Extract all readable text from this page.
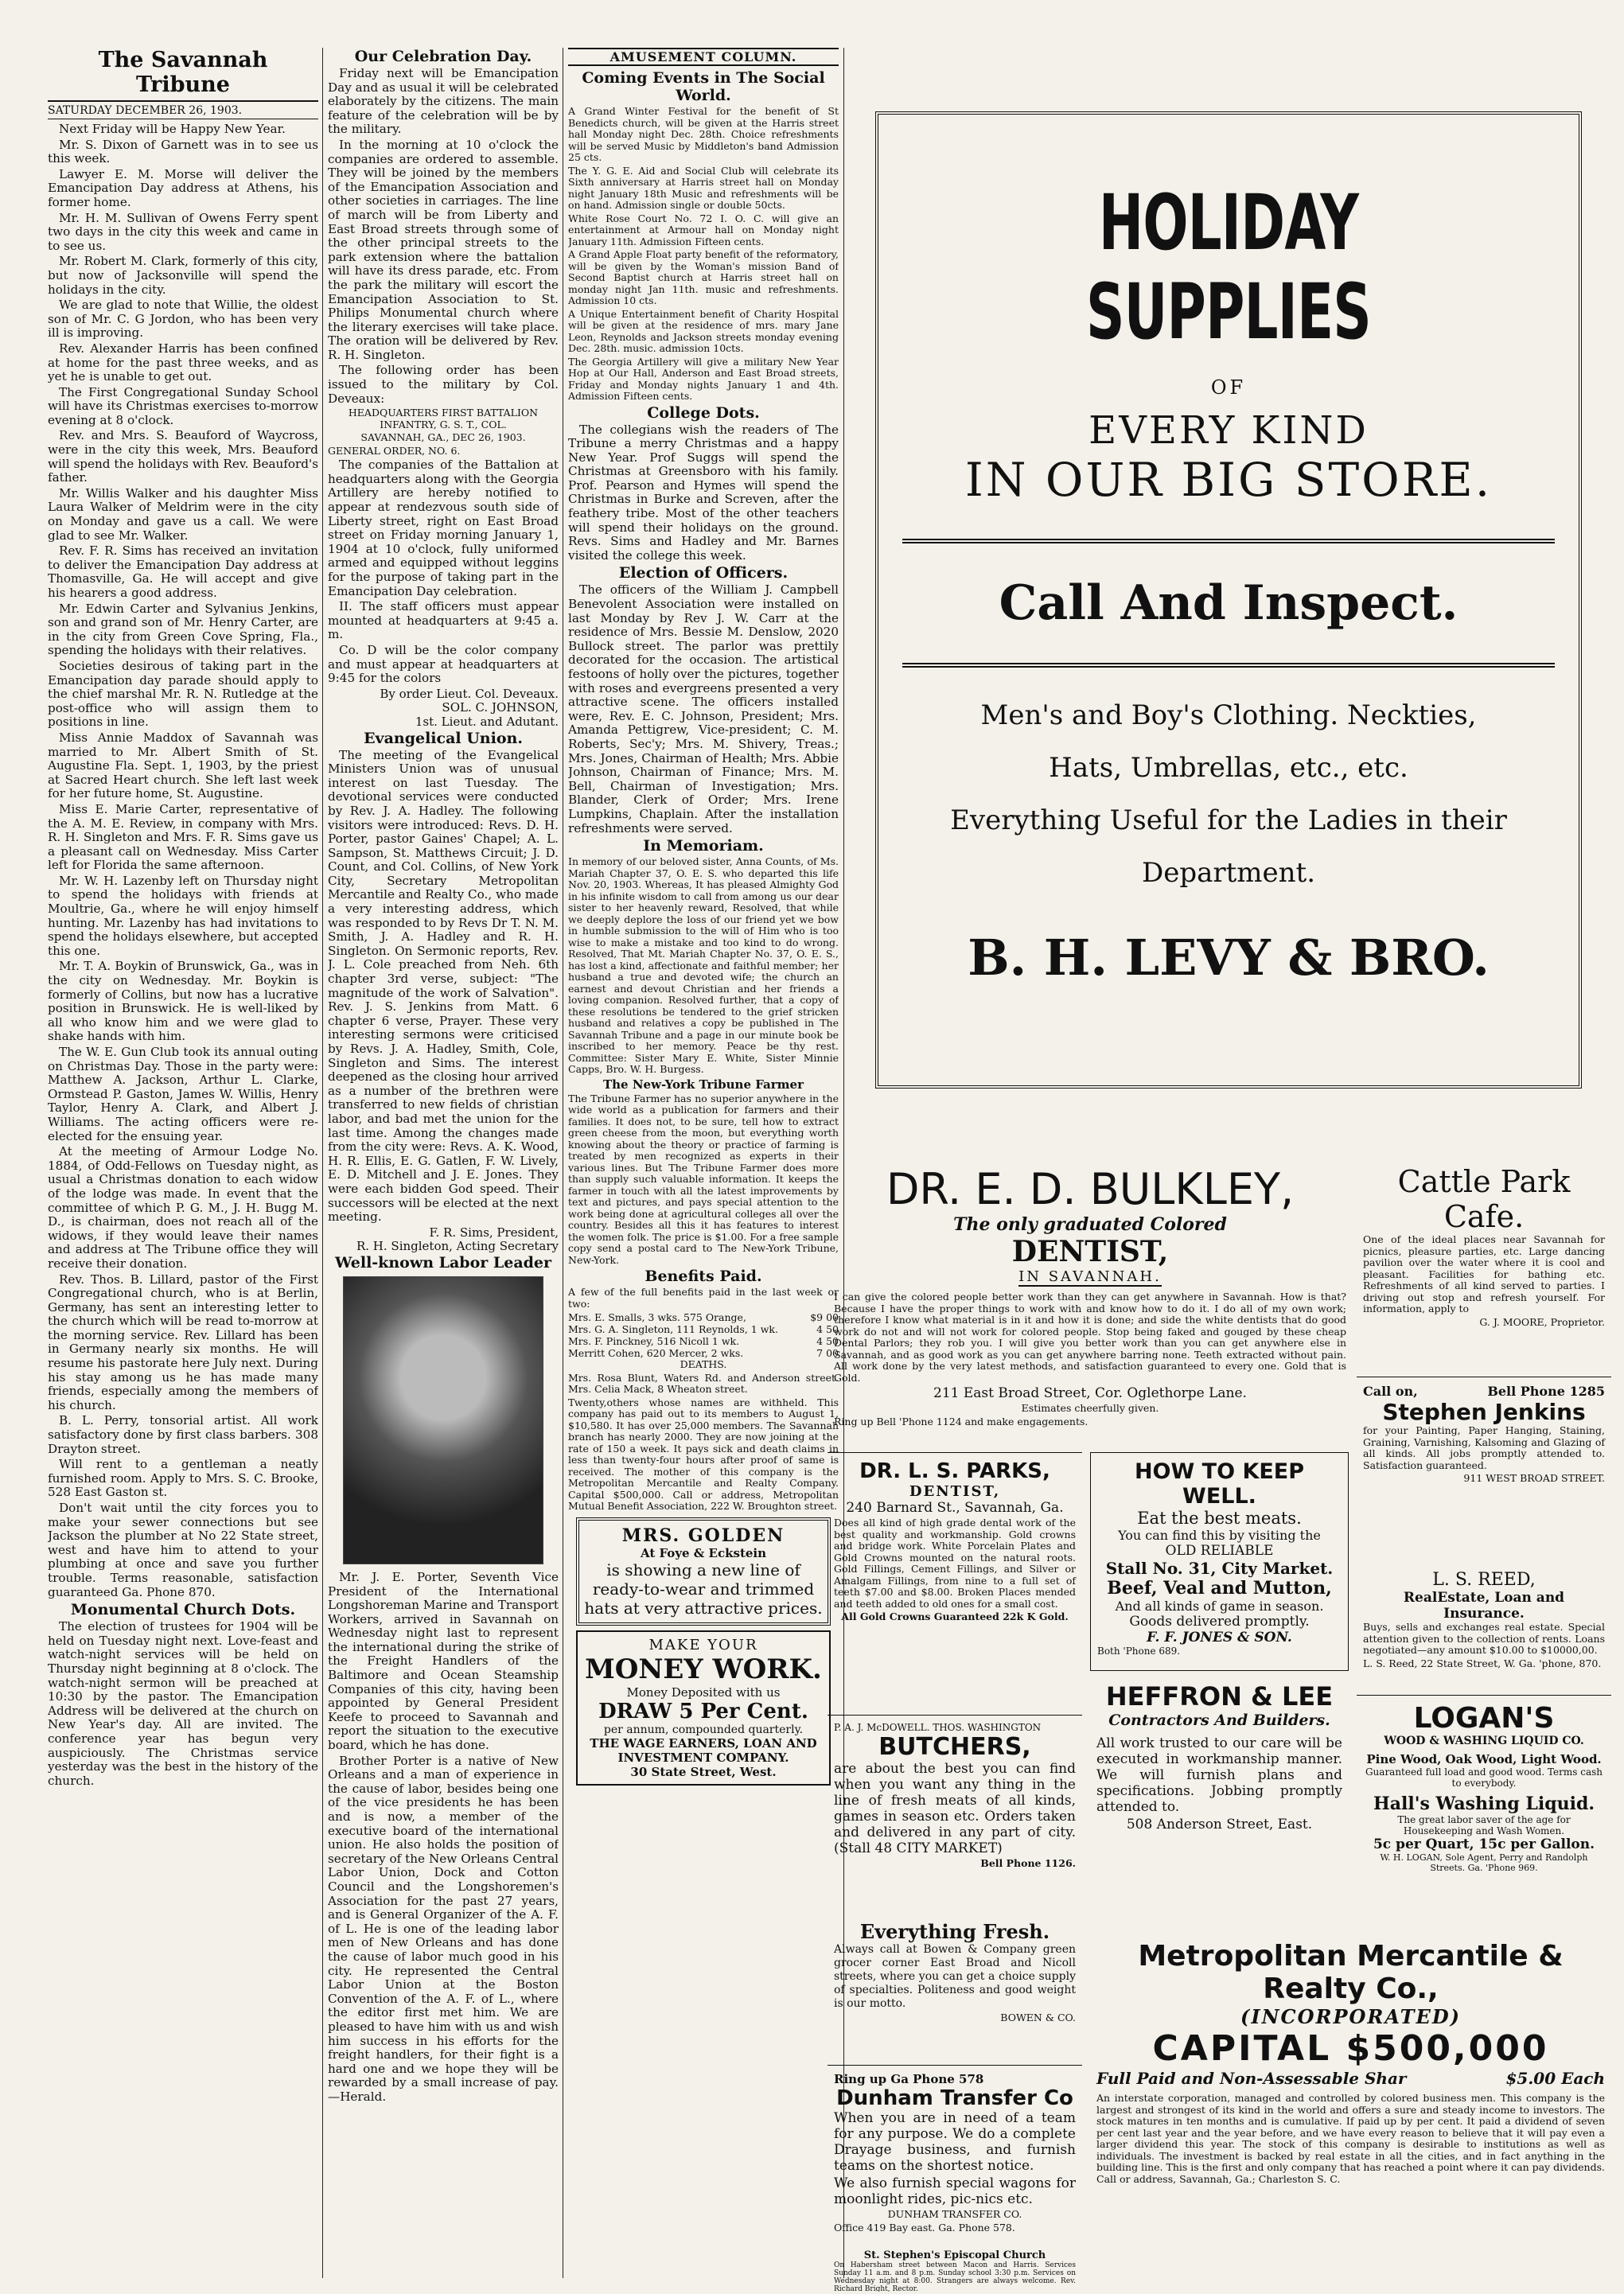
The Savannah Tribune
SATURDAY DECEMBER 26, 1903.

Next Friday will be Happy New Year.

Mr. S. Dixon of Garnett was in to see us this week.

Lawyer E. M. Morse will deliver the Emancipation Day address at Athens, his former home.

Mr. H. M. Sullivan of Owens Ferry spent two days in the city this week and came in to see us.

Mr. Robert M. Clark, formerly of this city, but now of Jacksonville will spend the holidays in the city.

We are glad to note that Willie, the oldest son of Mr. C. G Jordon, who has been very ill is improving.

Rev. Alexander Harris has been confined at home for the past three weeks, and as yet he is unable to get out.

The First Congregational Sunday School will have its Christmas exercises to-morrow evening at 8 o'clock.

Rev. and Mrs. S. Beauford of Waycross, were in the city this week, Mrs. Beauford will spend the holidays with Rev. Beauford's father.

Mr. Willis Walker and his daughter Miss Laura Walker of Meldrim were in the city on Monday and gave us a call. We were glad to see Mr. Walker.

Rev. F. R. Sims has received an invitation to deliver the Emancipation Day address at Thomasville, Ga. He will accept and give his hearers a good address.

Mr. Edwin Carter and Sylvanius Jenkins, son and grand son of Mr. Henry Carter, are in the city from Green Cove Spring, Fla., spending the holidays with their relatives.

Societies desirous of taking part in the Emancipation day parade should apply to the chief marshal Mr. R. N. Rutledge at the post-office who will assign them to positions in line.

Miss Annie Maddox of Savannah was married to Mr. Albert Smith of St. Augustine Fla. Sept. 1, 1903, by the priest at Sacred Heart church. She left last week for her future home, St. Augustine.

Miss E. Marie Carter, representative of the A. M. E. Review, in company with Mrs. R. H. Singleton and Mrs. F. R. Sims gave us a pleasant call on Wednesday. Miss Carter left for Florida the same afternoon.

Mr. W. H. Lazenby left on Thursday night to spend the holidays with friends at Moultrie, Ga., where he will enjoy himself hunting. Mr. Lazenby has had invitations to spend the holidays elsewhere, but accepted this one.

Mr. T. A. Boykin of Brunswick, Ga., was in the city on Wednesday. Mr. Boykin is formerly of Collins, but now has a lucrative position in Brunswick. He is well-liked by all who know him and we were glad to shake hands with him.

The W. E. Gun Club took its annual outing on Christmas Day. Those in the party were: Matthew A. Jackson, Arthur L. Clarke, Ormstead P. Gaston, James W. Willis, Henry Taylor, Henry A. Clark, and Albert J. Williams. The acting officers were re-elected for the ensuing year.

At the meeting of Armour Lodge No. 1884, of Odd-Fellows on Tuesday night, as usual a Christmas donation to each widow of the lodge was made. In event that the committee of which P. G. M., J. H. Bugg M. D., is chairman, does not reach all of the widows, if they would leave their names and address at The Tribune office they will receive their donation.

Rev. Thos. B. Lillard, pastor of the First Congregational church, who is at Berlin, Germany, has sent an interesting letter to the church which will be read to-morrow at the morning service. Rev. Lillard has been in Germany nearly six months. He will resume his pastorate here July next. During his stay among us he has made many friends, especially among the members of his church.

B. L. Perry, tonsorial artist. All work satisfactory done by first class barbers. 308 Drayton street.

Will rent to a gentleman a neatly furnished room. Apply to Mrs. S. C. Brooke, 528 East Gaston st.

Don't wait until the city forces you to make your sewer connections but see Jackson the plumber at No 22 State street, west and have him to attend to your plumbing at once and save you further trouble. Terms reasonable, satisfaction guaranteed Ga. Phone 870.

Monumental Church Dots.

The election of trustees for 1904 will be held on Tuesday night next. Love-feast and watch-night services will be held on Thursday night beginning at 8 o'clock. The watch-night sermon will be preached at 10:30 by the pastor. The Emancipation Address will be delivered at the church on New Year's day. All are invited. The conference year has begun very auspiciously. The Christmas service yesterday was the best in the history of the church.

Our Celebration Day.

Friday next will be Emancipation Day and as usual it will be celebrated elaborately by the citizens. The main feature of the celebration will be by the military.

In the morning at 10 o'clock the companies are ordered to assemble. They will be joined by the members of the Emancipation Association and other societies in carriages. The line of march will be from Liberty and East Broad streets through some of the other principal streets to the park extension where the battalion will have its dress parade, etc. From the park the military will escort the Emancipation Association to St. Philips Monumental church where the literary exercises will take place. The oration will be delivered by Rev. R. H. Singleton.

The following order has been issued to the military by Col. Deveaux:

HEADQUARTERS FIRST BATTALION INFANTRY, G. S. T., COL.

SAVANNAH, GA., DEC 26, 1903.

GENERAL ORDER, NO. 6.

The companies of the Battalion at headquarters along with the Georgia Artillery are hereby notified to appear at rendezvous south side of Liberty street, right on East Broad street on Friday morning January 1, 1904 at 10 o'clock, fully uniformed armed and equipped without leggins for the purpose of taking part in the Emancipation Day celebration.

II. The staff officers must appear mounted at headquarters at 9:45 a. m.

Co. D will be the color company and must appear at headquarters at 9:45 for the colors

By order Lieut. Col. Deveaux.

SOL. C. JOHNSON,

1st. Lieut. and Adutant.

Evangelical Union.

The meeting of the Evangelical Ministers Union was of unusual interest on last Tuesday. The devotional services were conducted by Rev. J. A. Hadley. The following visitors were introduced: Revs. D. H. Porter, pastor Gaines' Chapel; A. L. Sampson, St. Matthews Circuit; J. D. Count, and Col. Collins, of New York City, Secretary Metropolitan Mercantile and Realty Co., who made a very interesting address, which was responded to by Revs Dr T. N. M. Smith, J. A. Hadley and R. H. Singleton. On Sermonic reports, Rev. J. L. Cole preached from Neh. 6th chapter 3rd verse, subject: "The magnitude of the work of Salvation". Rev. J. S. Jenkins from Matt. 6 chapter 6 verse, Prayer. These very interesting sermons were criticised by Revs. J. A. Hadley, Smith, Cole, Singleton and Sims. The interest deepened as the closing hour arrived as a number of the brethren were transferred to new fields of christian labor, and bad met the union for the last time. Among the changes made from the city were: Revs. A. K. Wood, H. R. Ellis, E. G. Gatlen, F. W. Lively, E. D. Mitchell and J. E. Jones. They were each bidden God speed. Their successors will be elected at the next meeting.

F. R. Sims, President,

R. H. Singleton, Acting Secretary

Well-known Labor Leader

Mr. J. E. Porter, Seventh Vice President of the International Longshoreman Marine and Transport Workers, arrived in Savannah on Wednesday night last to represent the international during the strike of the Freight Handlers of the Baltimore and Ocean Steamship Companies of this city, having been appointed by General President Keefe to proceed to Savannah and report the situation to the executive board, which he has done.

Brother Porter is a native of New Orleans and a man of experience in the cause of labor, besides being one of the vice presidents he has been and is now, a member of the executive board of the international union. He also holds the position of secretary of the New Orleans Central Labor Union, Dock and Cotton Council and the Longshoremen's Association for the past 27 years, and is General Organizer of the A. F. of L. He is one of the leading labor men of New Orleans and has done the cause of labor much good in his city. He represented the Central Labor Union at the Boston Convention of the A. F. of L., where the editor first met him. We are pleased to have him with us and wish him success in his efforts for the freight handlers, for their fight is a hard one and we hope they will be rewarded by a small increase of pay.—Herald.

AMUSEMENT COLUMN.
Coming Events in The Social World.

A Grand Winter Festival for the benefit of St Benedicts church, will be given at the Harris street hall Monday night Dec. 28th. Choice refreshments will be served Music by Middleton's band Admission 25 cts.

The Y. G. E. Aid and Social Club will celebrate its Sixth anniversary at Harris street hall on Monday night January 18th Music and refreshments will be on hand. Admission single or double 50cts.

White Rose Court No. 72 I. O. C. will give an entertainment at Armour hall on Monday night January 11th. Admission Fifteen cents.

A Grand Apple Float party benefit of the reformatory, will be given by the Woman's mission Band of Second Baptist church at Harris street hall on monday night Jan 11th. music and refreshments. Admission 10 cts.

A Unique Entertainment benefit of Charity Hospital will be given at the residence of mrs. mary Jane Leon, Reynolds and Jackson streets monday evening Dec. 28th. music. admission 10cts.

The Georgia Artillery will give a military New Year Hop at Our Hall, Anderson and East Broad streets, Friday and Monday nights January 1 and 4th. Admission Fifteen cents.

College Dots.

The collegians wish the readers of The Tribune a merry Christmas and a happy New Year. Prof Suggs will spend the Christmas at Greensboro with his family. Prof. Pearson and Hymes will spend the Christmas in Burke and Screven, after the feathery tribe. Most of the other teachers will spend their holidays on the ground. Revs. Sims and Hadley and Mr. Barnes visited the college this week.

Election of Officers.

The officers of the William J. Campbell Benevolent Association were installed on last Monday by Rev J. W. Carr at the residence of Mrs. Bessie M. Denslow, 2020 Bullock street. The parlor was prettily decorated for the occasion. The artistical festoons of holly over the pictures, together with roses and evergreens presented a very attractive scene. The officers installed were, Rev. E. C. Johnson, President; Mrs. Amanda Pettigrew, Vice-president; C. M. Roberts, Sec'y; Mrs. M. Shivery, Treas.; Mrs. Jones, Chairman of Health; Mrs. Abbie Johnson, Chairman of Finance; Mrs. M. Bell, Chairman of Investigation; Mrs. Blander, Clerk of Order; Mrs. Irene Lumpkins, Chaplain. After the installation refreshments were served.

In Memoriam.

In memory of our beloved sister, Anna Counts, of Ms. Mariah Chapter 37, O. E. S. who departed this life Nov. 20, 1903. Whereas, It has pleased Almighty God in his infinite wisdom to call from among us our dear sister to her heavenly reward, Resolved, that while we deeply deplore the loss of our friend yet we bow in humble submission to the will of Him who is too wise to make a mistake and too kind to do wrong. Resolved, That Mt. Mariah Chapter No. 37, O. E. S., has lost a kind, affectionate and faithful member; her husband a true and devoted wife; the church an earnest and devout Christian and her friends a loving companion. Resolved further, that a copy of these resolutions be tendered to the grief stricken husband and relatives a copy be published in The Savannah Tribune and a page in our minute book be inscribed to her memory. Peace be thy rest. Committee: Sister Mary E. White, Sister Minnie Capps, Bro. W. H. Burgess.

The New-York Tribune Farmer

The Tribune Farmer has no superior anywhere in the wide world as a publication for farmers and their families. It does not, to be sure, tell how to extract green cheese from the moon, but everything worth knowing about the theory or practice of farming is treated by men recognized as experts in their various lines. But The Tribune Farmer does more than supply such valuable information. It keeps the farmer in touch with all the latest improvements by text and pictures, and pays special attention to the work being done at agricultural colleges all over the country. Besides all this it has features to interest the women folk. The price is $1.00. For a free sample copy send a postal card to The New-York Tribune, New-York.

Benefits Paid.

A few of the full benefits paid in the last week or two:

Mrs. E. Smalls, 3 wks. 575 Orange,	$9 00
Mrs. G. A. Singleton, 111 Reynolds, 1 wk.	4 50
Mrs. F. Pinckney, 516 Nicoll 1 wk.	4 50
Merritt Cohen, 620 Mercer, 2 wks.	7 00

DEATHS.

Mrs. Rosa Blunt, Waters Rd. and Anderson street. Mrs. Celia Mack, 8 Wheaton street.

Twenty,others whose names are withheld. This company has paid out to its members to August 1, $10,580. It has over 25,000 members. The Savannah branch has nearly 2000. They are now joining at the rate of 150 a week. It pays sick and death claims in less than twenty-four hours after proof of same is received. The mother of this company is the Metropolitan Mercantile and Realty Company. Capital $500,000. Call or address, Metropolitan Mutual Benefit Association, 222 W. Broughton street.

MRS. GOLDEN
At Foye & Eckstein
is showing a new line of ready-to-wear and trimmed hats at very attractive prices.
MAKE YOUR
MONEY WORK.
Money Deposited with us
DRAW 5 Per Cent.
per annum, compounded quarterly.
THE WAGE EARNERS, LOAN AND INVESTMENT COMPANY.
30 State Street, West.
HOLIDAY SUPPLIES
OF
EVERY KIND
IN OUR BIG STORE.
Call And Inspect.
Men's and Boy's Clothing. Neckties,
Hats, Umbrellas, etc., etc.
Everything Useful for the Ladies in their
Department.
B. H. LEVY & BRO.
DR. E. D. BULKLEY,
The only graduated Colored
DENTIST,
IN SAVANNAH.

I can give the colored people better work than they can get anywhere in Savannah. How is that? Because I have the proper things to work with and know how to do it. I do all of my own work; therefore I know what material is in it and how it is done; and side the white dentists that do good work do not and will not work for colored people. Stop being faked and gouged by these cheap Dental Parlors; they rob you. I will give you better work than you can get anywhere else in Savannah, and as good work as you can get anywhere barring none. Teeth extracted without pain. All work done by the very latest methods, and satisfaction guaranteed to every one. Gold that is Gold.

211 East Broad Street, Cor. Oglethorpe Lane.

Estimates cheerfully given.

Ring up Bell 'Phone 1124 and make engagements.

Cattle Park Cafe.

One of the ideal places near Savannah for picnics, pleasure parties, etc. Large dancing pavilion over the water where it is cool and pleasant. Facilities for bathing etc. Refreshments of all kind served to parties. I driving out stop and refresh yourself. For information, apply to

G. J. MOORE, Proprietor.

Call on,	Bell Phone 1285
Stephen Jenkins

for your Painting, Paper Hanging, Staining, Graining, Varnishing, Kalsoming and Glazing of all kinds. All jobs promptly attended to. Satisfaction guaranteed.

911 WEST BROAD STREET.

DR. L. S. PARKS,
DENTIST,

240 Barnard St., Savannah, Ga.

Does all kind of high grade dental work of the best quality and workmanship. Gold crowns and bridge work. White Porcelain Plates and Gold Crowns mounted on the natural roots. Gold Fillings, Cement Fillings, and Silver or Amalgam Fillings, from nine to a full set of teeth $7.00 and $8.00. Broken Places mended and teeth added to old ones for a small cost.

All Gold Crowns Guaranteed 22k K Gold.

HOW TO KEEP WELL.
Eat the best meats.
You can find this by visiting the
OLD RELIABLE
Stall No. 31, City Market.
Beef, Veal and Mutton,
And all kinds of game in season.
Goods delivered promptly.
F. F. JONES & SON.
Both 'Phone 689.
L. S. REED,
RealEstate, Loan and Insurance.

Buys, sells and exchanges real estate. Special attention given to the collection of rents. Loans negotiated—any amount $10.00 to $10000,00.

L. S. Reed, 22 State Street, W. Ga. 'phone, 870.

LOGAN'S
WOOD & WASHING LIQUID CO.
Pine Wood, Oak Wood, Light Wood.
Guaranteed full load and good wood. Terms cash to everybody.
Hall's Washing Liquid.
The great labor saver of the age for Housekeeping and Wash Women.
5c per Quart, 15c per Gallon.
W. H. LOGAN, Sole Agent, Perry and Randolph Streets. Ga. 'Phone 969.
P. A. J. McDOWELL. THOS. WASHINGTON
BUTCHERS,

are about the best you can find when you want any thing in the line of fresh meats of all kinds, games in season etc. Orders taken and delivered in any part of city. (Stall 48 CITY MARKET)

Bell Phone 1126.

HEFFRON & LEE
Contractors And Builders.

All work trusted to our care will be executed in workmanship manner. We will furnish plans and specifications. Jobbing promptly attended to.

508 Anderson Street, East.

Everything Fresh.

Always call at Bowen & Company green grocer corner East Broad and Nicoll streets, where you can get a choice supply of specialties. Politeness and good weight is our motto.

BOWEN & CO.

Ring up Ga Phone 578
Dunham Transfer Co

When you are in need of a team for any purpose. We do a complete Drayage business, and furnish teams on the shortest notice.

We also furnish special wagons for moonlight rides, pic-nics etc.

DUNHAM TRANSFER CO.

Office 419 Bay east. Ga. Phone 578.

St. Stephen's Episcopal Church

On Habersham street between Macon and Harris. Services Sunday 11 a.m. and 8 p.m. Sunday school 3:30 p.m. Services on Wednesday night at 8:00. Strangers are always welcome. Rev. Richard Bright, Rector.

Metropolitan Mercantile & Realty Co.,
(INCORPORATED)
CAPITAL $500,000
Full Paid and Non-Assessable Shar	$5.00 Each

An interstate corporation, managed and controlled by colored business men. This company is the largest and strongest of its kind in the world and offers a sure and steady income to investors. The stock matures in ten months and is cumulative. If paid up by per cent. It paid a dividend of seven per cent last year and the year before, and we have every reason to believe that it will pay even a larger dividend this year. The stock of this company is desirable to institutions as well as individuals. The investment is backed by real estate in all the cities, and in fact anything in the building line. This is the first and only company that has reached a point where it can pay dividends. Call or address, Savannah, Ga.; Charleston S. C.
